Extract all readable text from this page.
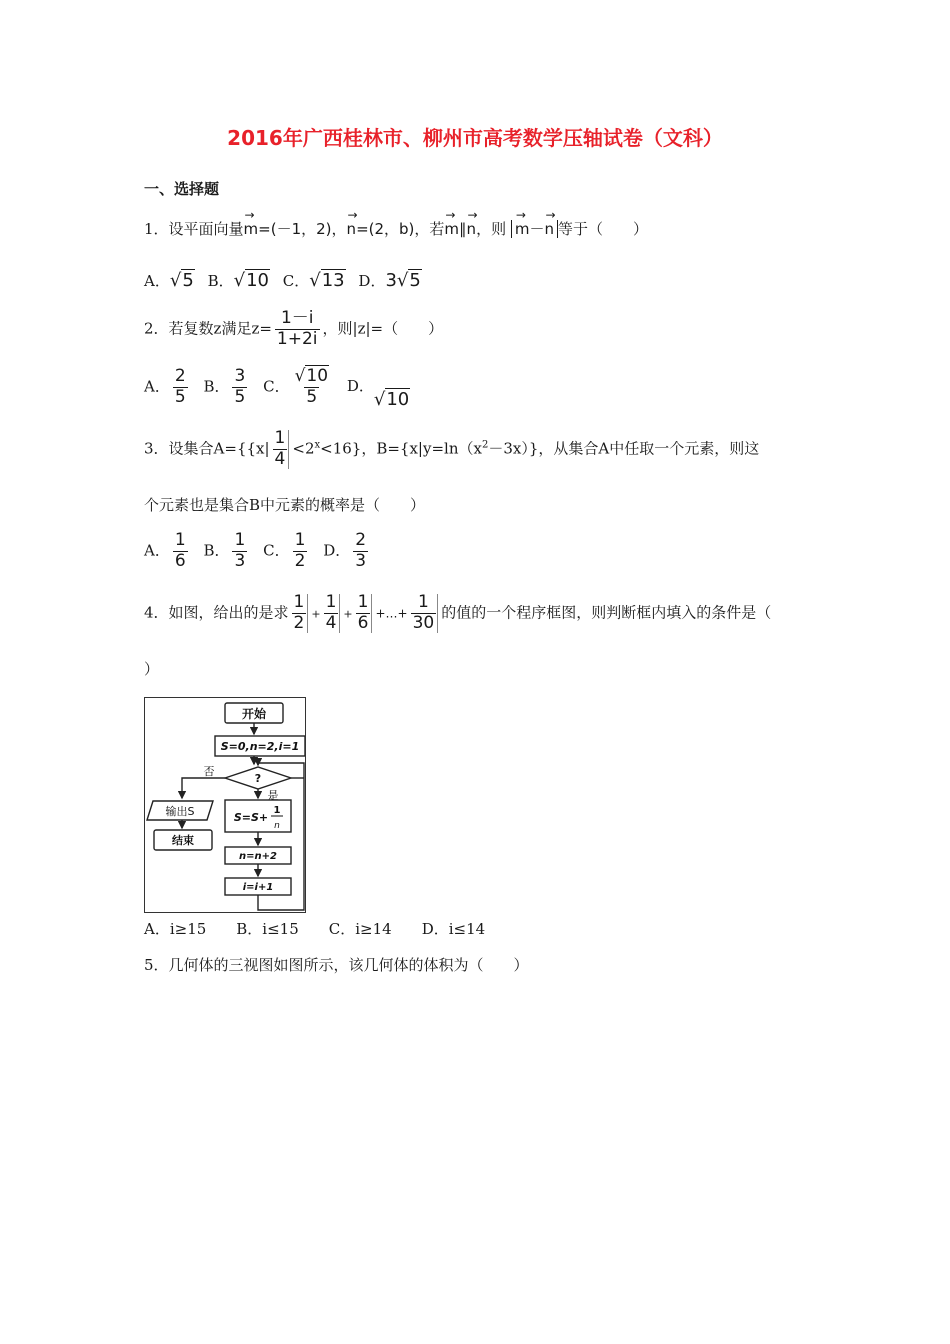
2016年广西桂林市、柳州市高考数学压轴试卷（文科）
一、选择题
1．设平面向量→ m=(－1，2)，→ n=(2，b)，若→ m∥→ n，则 → m－→ n 等于（　　）
A．√5 B．√10 C．√13 D．3√5
2．若复数z满足$z= \frac{1-i}{1+2i}$ ，则|z|=（　　）
A． $\frac{2}{5}$ B． $\frac{3}{5}$ C． $\frac{√10}{5}$ D．√10
3．设集合$A=\{\{x| \frac{1}{4} <2^x<16\}$，$B=\{x|y=\ln(x^2-3x)\}$，从集合A中任取一个元素，则这
个元素也是集合B中元素的概率是（　　）
A． $\frac{1}{6}$ B． $\frac{1}{3}$ C． $\frac{1}{2}$ D． $\frac{2}{3}$
4．如图，给出的是求 $\frac{1}{2} + \frac{1}{4} + \frac{1}{6}$ +…+ $\frac{1}{30}$ 的值的一个程序框图，则判断框内填入的条件是（
）
开始
S=0,n=2,i=1
?
否
是
输出S
结束
S=S+
1
n
n=n+2
i=i+1
A．i≥15　　B．i≤15　　C．i≥14　　D．i≤14
5．几何体的三视图如图所示，该几何体的体积为（　　）
